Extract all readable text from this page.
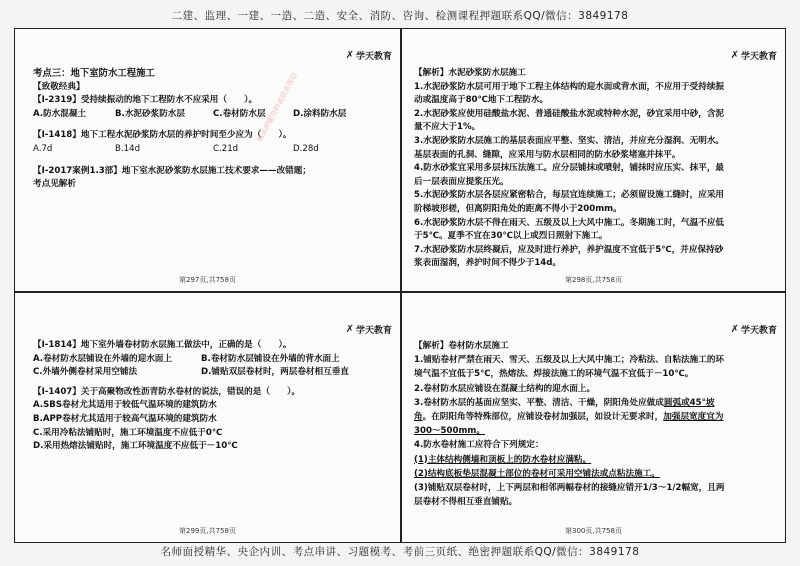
二建、监理、一建、一造、二造、安全、消防、咨询、检测课程押题联系QQ/微信：3849178
✗ 学天教育
考点三：地下室防水工程施工
【致敬经典】
【Ⅰ-2319】受持续振动的地下工程防水不应采用（　　）。
A.防水混凝土	B.水泥砂浆防水层	C.卷材防水层	D.涂料防水层
【Ⅰ-1418】地下工程水泥砂浆防水层的养护时间至少应为（　　）。
A.7d	B.14d	C.21d	D.28d
【Ⅰ-2017案例1.3部】地下室水泥砂浆防水层施工技术要求——改错题；
考点见解析
精品押题资料请联系微信
第297页,共758页
✗ 学天教育
【解析】水泥砂浆防水层施工
1.水泥砂浆防水层可用于地下工程主体结构的迎水面或背水面，不应用于受持续振
动或温度高于80℃地下工程防水。
2.水泥砂浆应使用硅酸盐水泥、普通硅酸盐水泥或特种水泥，砂宜采用中砂，含泥
量不应大于1%。
3.水泥砂浆防水层施工的基层表面应平整、坚实、清洁，并应充分湿润、无明水。
基层表面的孔洞、缝隙，应采用与防水层相同的防水砂浆堵塞并抹平。
4.防水砂浆宜采用多层抹压法施工。应分层铺抹或喷射，铺抹时应压实、抹平，最
后一层表面应提浆压光。
5.水泥砂浆防水层各层应紧密粘合，每层宜连续施工；必须留设施工缝时，应采用
阶梯坡形槎，但离阴阳角处的距离不得小于200mm。
6.水泥砂浆防水层不得在雨天、五级及以上大风中施工。冬期施工时，气温不应低
于5℃。夏季不宜在30℃以上或烈日照射下施工。
7.水泥砂浆防水层终凝后，应及时进行养护，养护温度不宜低于5℃，并应保持砂
浆表面湿润，养护时间不得少于14d。
第298页,共758页
✗ 学天教育
【Ⅰ-1814】地下室外墙卷材防水层施工做法中，正确的是（　　）。
A.卷材防水层铺设在外墙的迎水面上	B.卷材防水层铺设在外墙的背水面上
C.外墙外侧卷材采用空铺法	D.铺贴双层卷材时，两层卷材相互垂直
【Ⅰ-1407】关于高聚物改性沥青防水卷材的说法，错误的是（　　）。
A.SBS卷材尤其适用于较低气温环境的建筑防水
B.APP卷材尤其适用于较高气温环境的建筑防水
C.采用冷粘法铺贴时，施工环境温度不应低于0℃
D.采用热熔法铺贴时，施工环境温度不应低于－10℃
第299页,共758页
✗ 学天教育
【解析】卷材防水层施工
1.铺贴卷材严禁在雨天、雪天、五级及以上大风中施工；冷粘法、自粘法施工的环
境气温不宜低于5℃，热熔法、焊接法施工的环境气温不宜低于－10℃。
2.卷材防水层应铺设在混凝土结构的迎水面上。
3.卷材防水层的基面应坚实、平整、清洁、干燥，阴阳角处应做成圆弧或45°坡
角。在阴阳角等特殊部位，应铺设卷材加强层，如设计无要求时，加强层宽度宜为
300～500mm。
4.防水卷材施工应符合下列规定：
(1)主体结构侧墙和顶板上的防水卷材应满粘。
(2)结构底板垫层混凝土部位的卷材可采用空铺法或点粘法施工。
(3)铺贴双层卷材时，上下两层和相邻两幅卷材的接缝应错开1/3～1/2幅宽，且两
层卷材不得相互垂直铺贴。
第300页,共758页
名师面授精华、央企内训、考点串讲、习题模考、考前三页纸、绝密押题联系QQ/微信：3849178
